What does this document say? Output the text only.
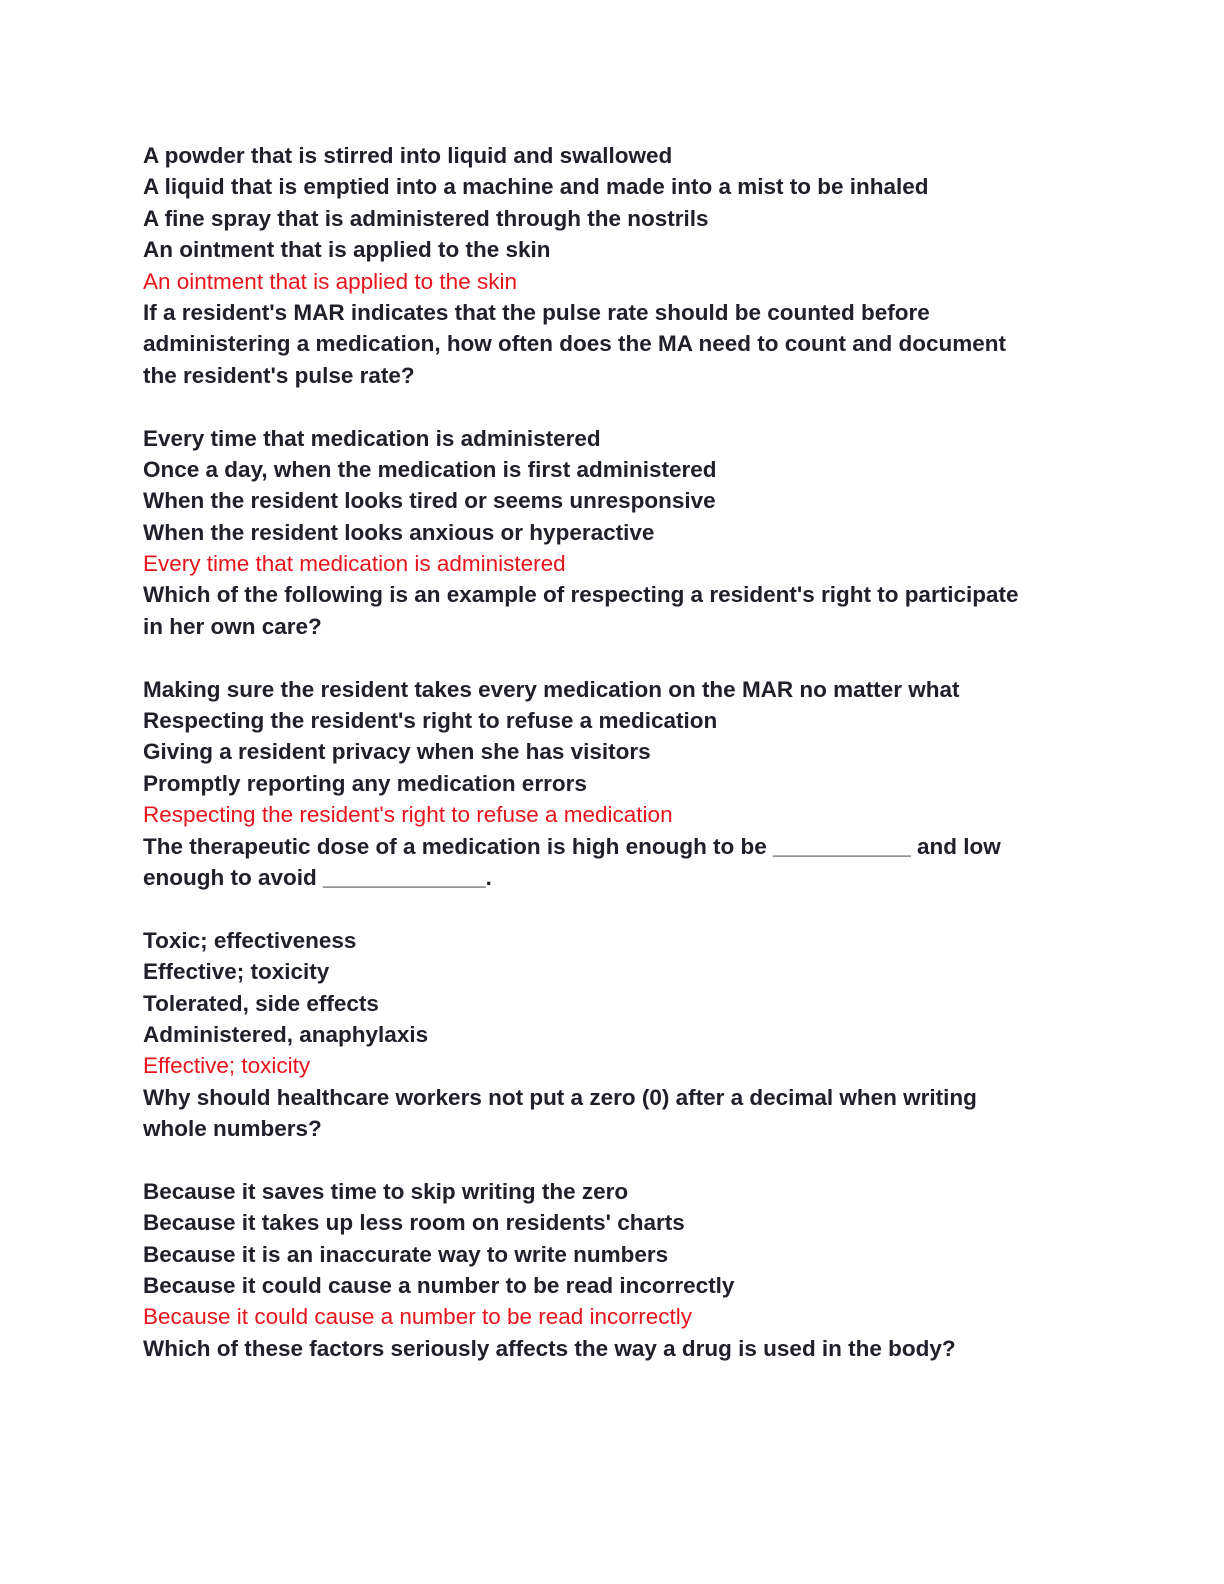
A powder that is stirred into liquid and swallowed
A liquid that is emptied into a machine and made into a mist to be inhaled
A fine spray that is administered through the nostrils
An ointment that is applied to the skin
An ointment that is applied to the skin
If a resident's MAR indicates that the pulse rate should be counted before
administering a medication, how often does the MA need to count and document
the resident's pulse rate?
Every time that medication is administered
Once a day, when the medication is first administered
When the resident looks tired or seems unresponsive
When the resident looks anxious or hyperactive
Every time that medication is administered
Which of the following is an example of respecting a resident's right to participate
in her own care?
Making sure the resident takes every medication on the MAR no matter what
Respecting the resident's right to refuse a medication
Giving a resident privacy when she has visitors
Promptly reporting any medication errors
Respecting the resident's right to refuse a medication
The therapeutic dose of a medication is high enough to be ___________ and low
enough to avoid _____________.
Toxic; effectiveness
Effective; toxicity
Tolerated, side effects
Administered, anaphylaxis
Effective; toxicity
Why should healthcare workers not put a zero (0) after a decimal when writing
whole numbers?
Because it saves time to skip writing the zero
Because it takes up less room on residents' charts
Because it is an inaccurate way to write numbers
Because it could cause a number to be read incorrectly
Because it could cause a number to be read incorrectly
Which of these factors seriously affects the way a drug is used in the body?
